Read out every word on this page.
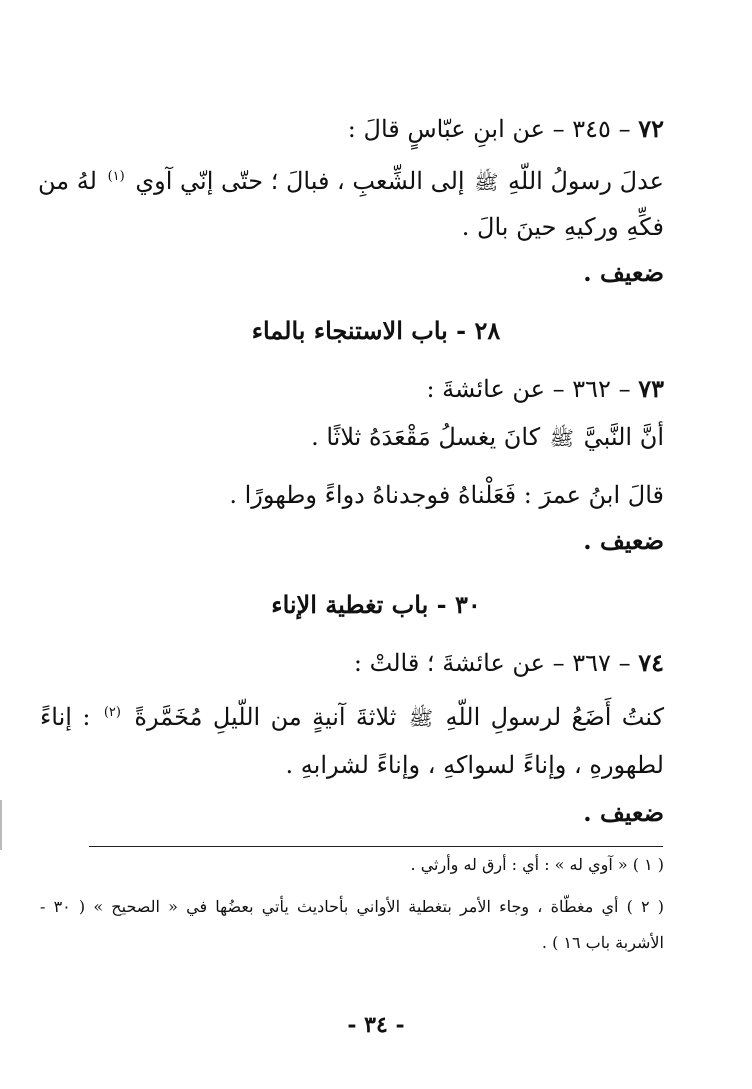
٧٢ – ٣٤٥ – عن ابنِ عبّاسٍ قالَ :
عدلَ رسولُ اللّهِ ﷺ إلى الشِّعبِ ، فبالَ ؛ حتّى إنّي آوي $^{(١)}$ لهُ من
فكِّهِ وركيهِ حينَ بالَ .
ضعيف .
٢٨ - باب الاستنجاء بالماء
٧٣ – ٣٦٢ – عن عائشةَ :
أنَّ النَّبيَّ ﷺ كانَ يغسلُ مَقْعَدَهُ ثلاثًا .
قالَ ابنُ عمرَ : فَعَلْناهُ فوجدناهُ دواءً وطهورًا .
ضعيف .
٣٠ - باب تغطية الإناء
٧٤ – ٣٦٧ – عن عائشةَ ؛ قالتْ :
كنتُ أَضَعُ لرسولِ اللّهِ ﷺ ثلاثةَ آنيةٍ من اللّيلِ مُخَمَّرةً $^{(٢)}$ : إناءً
لطهورهِ ، وإناءً لسواكهِ ، وإناءً لشرابهِ .
ضعيف .
( ١ ) « آوي له » : أي : أرق له وأرثي .
( ٢ ) أي مغطّاة ، وجاء الأمر بتغطية الأواني بأحاديث يأتي بعضُها في « الصحيح » ( ٣٠ -
الأشربة باب ١٦ ) .
- ٣٤ -
